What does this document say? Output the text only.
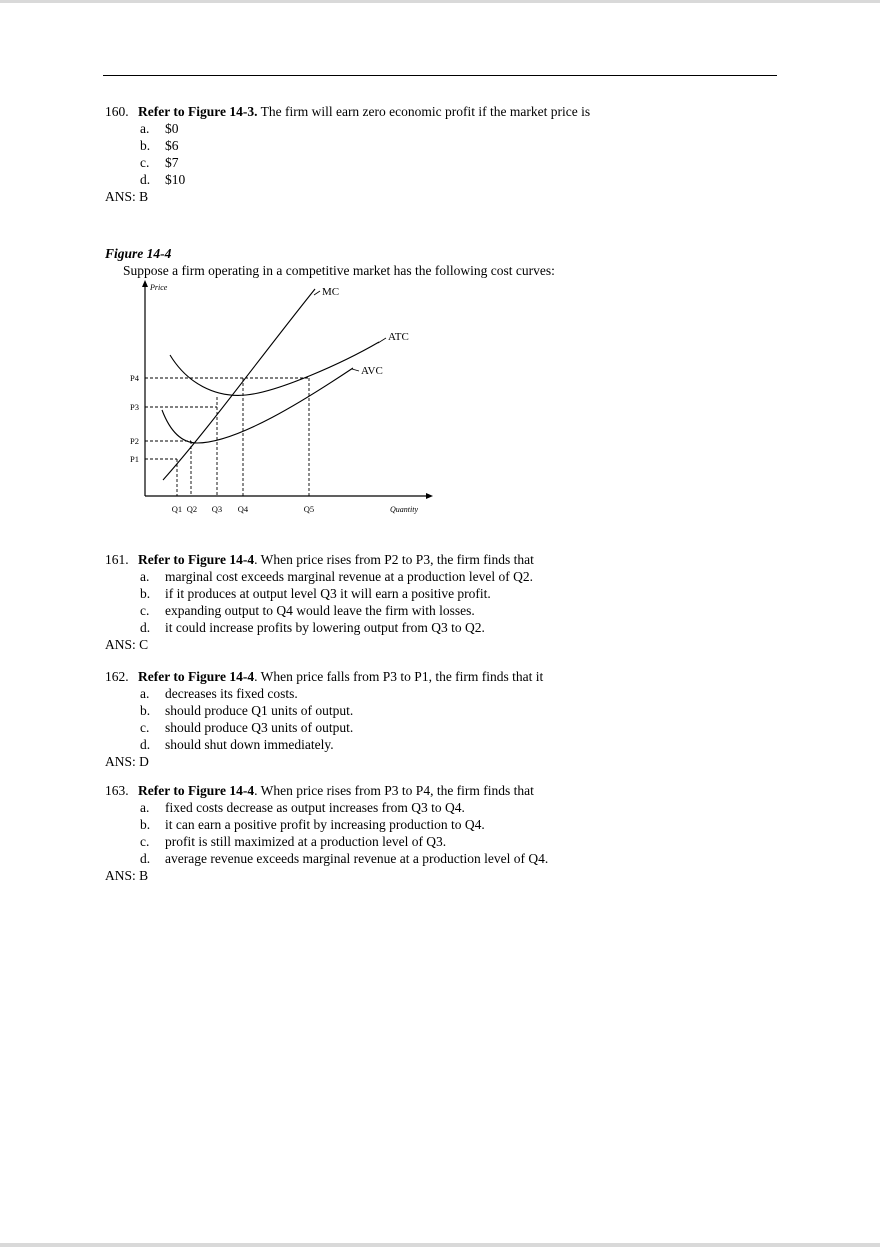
160. Refer to Figure 14-3. The firm will earn zero economic profit if the market price is
a.	$0
b.	$6
c.	$7
d.	$10
ANS: B
Figure 14-4
Suppose a firm operating in a competitive market has the following cost curves:
MC
ATC
AVC
Price
Quantity
P4
P3
P2
P1
Q1 Q2 Q3 Q4	Q5
161. Refer to Figure 14-4. When price rises from P2 to P3, the firm finds that
a.	marginal cost exceeds marginal revenue at a production level of Q2.
b.	if it produces at output level Q3 it will earn a positive profit.
c.	expanding output to Q4 would leave the firm with losses.
d.	it could increase profits by lowering output from Q3 to Q2.
ANS: C
162. Refer to Figure 14-4. When price falls from P3 to P1, the firm finds that it
a.	decreases its fixed costs.
b.	should produce Q1 units of output.
c.	should produce Q3 units of output.
d.	should shut down immediately.
ANS: D
163. Refer to Figure 14-4. When price rises from P3 to P4, the firm finds that
a.	fixed costs decrease as output increases from Q3 to Q4.
b.	it can earn a positive profit by increasing production to Q4.
c.	profit is still maximized at a production level of Q3.
d.	average revenue exceeds marginal revenue at a production level of Q4.
ANS: B
